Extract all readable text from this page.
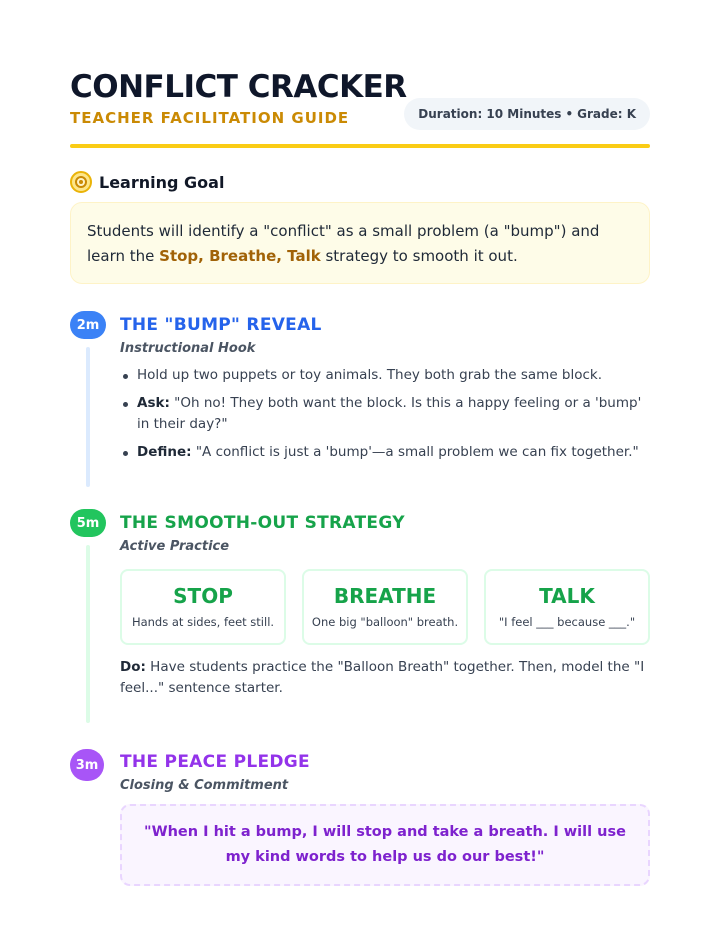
CONFLICT CRACKER
TEACHER FACILITATION GUIDE	Duration: 10 Minutes • Grade: K
Learning Goal
Students will identify a "conflict" as a small problem (a "bump") and learn the Stop, Breathe, Talk strategy to smooth it out.
2m	THE "BUMP" REVEAL
Instructional Hook
Hold up two puppets or toy animals. They both grab the same block.
Ask: "Oh no! They both want the block. Is this a happy feeling or a 'bump' in their day?"
Define: "A conflict is just a 'bump'—a small problem we can fix together."
5m	THE SMOOTH-OUT STRATEGY
Active Practice
STOP
Hands at sides, feet still.
BREATHE
One big "balloon" breath.
TALK
"I feel ___ because ___."
Do: Have students practice the "Balloon Breath" together. Then, model the "I feel..." sentence starter.
3m	THE PEACE PLEDGE
Closing & Commitment
"When I hit a bump, I will stop and take a breath. I will use my kind words to help us do our best!"
